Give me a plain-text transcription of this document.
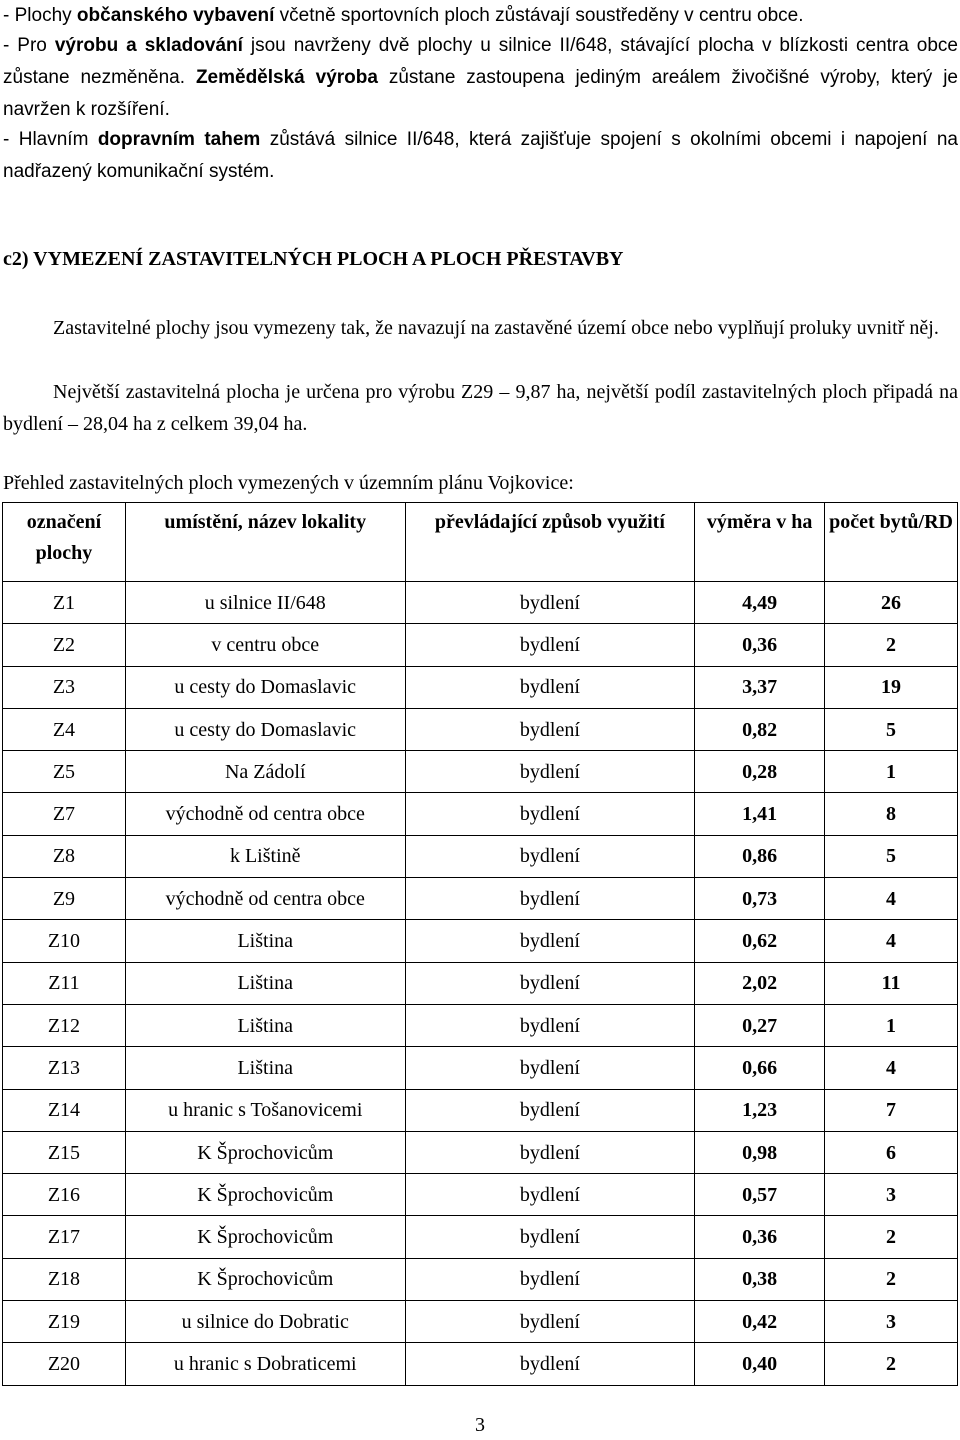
- Plochy občanského vybavení včetně sportovních ploch zůstávají soustředěny v centru obce.
- Pro výrobu a skladování jsou navrženy dvě plochy u silnice II/648, stávající plocha v blízkosti centra obce zůstane nezměněna. Zemědělská výroba zůstane zastoupena jediným areálem živočišné výroby, který je navržen k rozšíření.
- Hlavním dopravním tahem zůstává silnice II/648, která zajišťuje spojení s okolními obcemi i napojení na nadřazený komunikační systém.
c2) VYMEZENÍ ZASTAVITELNÝCH PLOCH A PLOCH PŘESTAVBY
Zastavitelné plochy jsou vymezeny tak, že navazují na zastavěné území obce nebo vyplňují proluky uvnitř něj.
Největší zastavitelná plocha je určena pro výrobu Z29 – 9,87 ha, největší podíl zastavitelných ploch připadá na bydlení – 28,04 ha z celkem 39,04 ha.
Přehled zastavitelných ploch vymezených v územním plánu Vojkovice:
označení plochy	umístění, název lokality	převládající způsob využití	výměra v ha	počet bytů/RD
Z1	u silnice II/648	bydlení	4,49	26
Z2	v centru obce	bydlení	0,36	2
Z3	u cesty do Domaslavic	bydlení	3,37	19
Z4	u cesty do Domaslavic	bydlení	0,82	5
Z5	Na Zádolí	bydlení	0,28	1
Z7	východně od centra obce	bydlení	1,41	8
Z8	k Lištině	bydlení	0,86	5
Z9	východně od centra obce	bydlení	0,73	4
Z10	Liština	bydlení	0,62	4
Z11	Liština	bydlení	2,02	11
Z12	Liština	bydlení	0,27	1
Z13	Liština	bydlení	0,66	4
Z14	u hranic s Tošanovicemi	bydlení	1,23	7
Z15	K Šprochovicům	bydlení	0,98	6
Z16	K Šprochovicům	bydlení	0,57	3
Z17	K Šprochovicům	bydlení	0,36	2
Z18	K Šprochovicům	bydlení	0,38	2
Z19	u silnice do Dobratic	bydlení	0,42	3
Z20	u hranic s Dobraticemi	bydlení	0,40	2
3
